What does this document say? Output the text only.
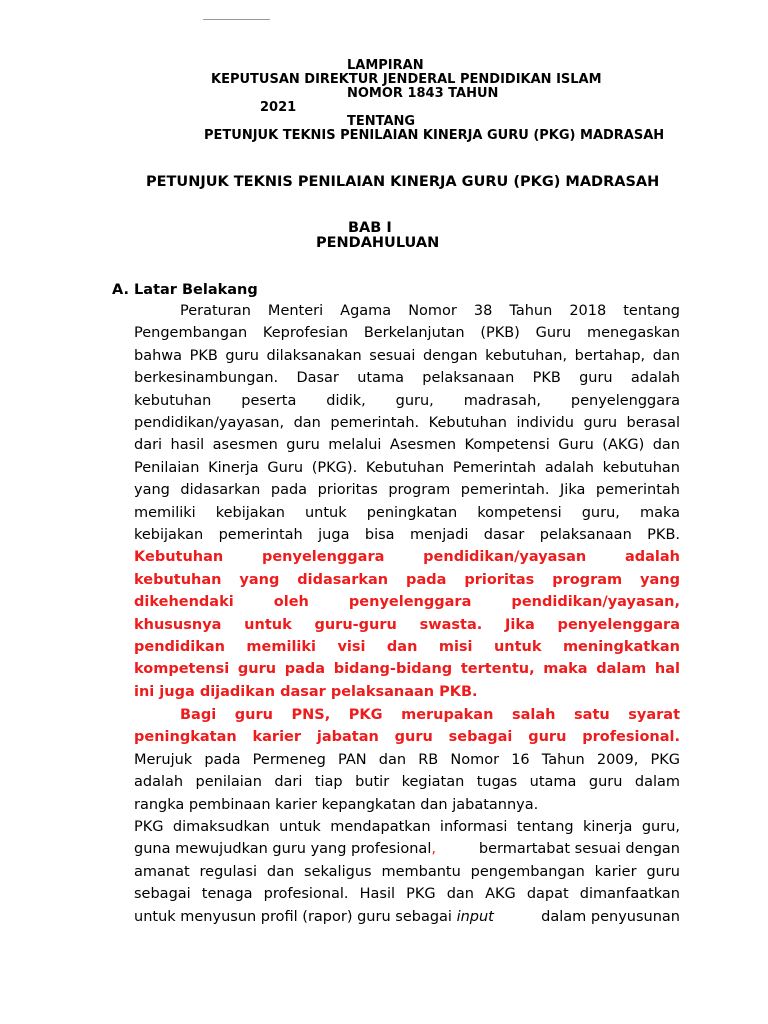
LAMPIRAN
KEPUTUSAN DIREKTUR JENDERAL PENDIDIKAN ISLAM
NOMOR 1843 TAHUN
2021
TENTANG
PETUNJUK TEKNIS PENILAIAN KINERJA GURU (PKG) MADRASAH
PETUNJUK TEKNIS PENILAIAN KINERJA GURU (PKG) MADRASAH
BAB I
PENDAHULUAN
A. Latar Belakang
Peraturan Menteri Agama Nomor 38 Tahun 2018 tentang
Pengembangan Keprofesian Berkelanjutan (PKB) Guru menegaskan
bahwa PKB guru dilaksanakan sesuai dengan kebutuhan, bertahap, dan
berkesinambungan. Dasar utama pelaksanaan PKB guru adalah
kebutuhan peserta didik, guru, madrasah, penyelenggara
pendidikan/yayasan, dan pemerintah. Kebutuhan individu guru berasal
dari hasil asesmen guru melalui Asesmen Kompetensi Guru (AKG) dan
Penilaian Kinerja Guru (PKG). Kebutuhan Pemerintah adalah kebutuhan
yang didasarkan pada prioritas program pemerintah. Jika pemerintah
memiliki kebijakan untuk peningkatan kompetensi guru, maka
kebijakan pemerintah juga bisa menjadi dasar pelaksanaan PKB.
Kebutuhan penyelenggara pendidikan/yayasan adalah
kebutuhan yang didasarkan pada prioritas program yang
dikehendaki oleh penyelenggara pendidikan/yayasan,
khususnya untuk guru-guru swasta. Jika penyelenggara
pendidikan memiliki visi dan misi untuk meningkatkan
kompetensi guru pada bidang-bidang tertentu, maka dalam hal
ini juga dijadikan dasar pelaksanaan PKB.
Bagi guru PNS, PKG merupakan salah satu syarat
peningkatan karier jabatan guru sebagai guru profesional.
Merujuk pada Permeneg PAN dan RB Nomor 16 Tahun 2009, PKG
adalah penilaian dari tiap butir kegiatan tugas utama guru dalam
rangka pembinaan karier kepangkatan dan jabatannya.
PKG dimaksudkan untuk mendapatkan informasi tentang kinerja guru,
guna mewujudkan guru yang profesional,	bermartabat sesuai dengan
amanat regulasi dan sekaligus membantu pengembangan karier guru
sebagai tenaga profesional. Hasil PKG dan AKG dapat dimanfaatkan
untuk menyusun profil (rapor) guru sebagai input	dalam penyusunan
